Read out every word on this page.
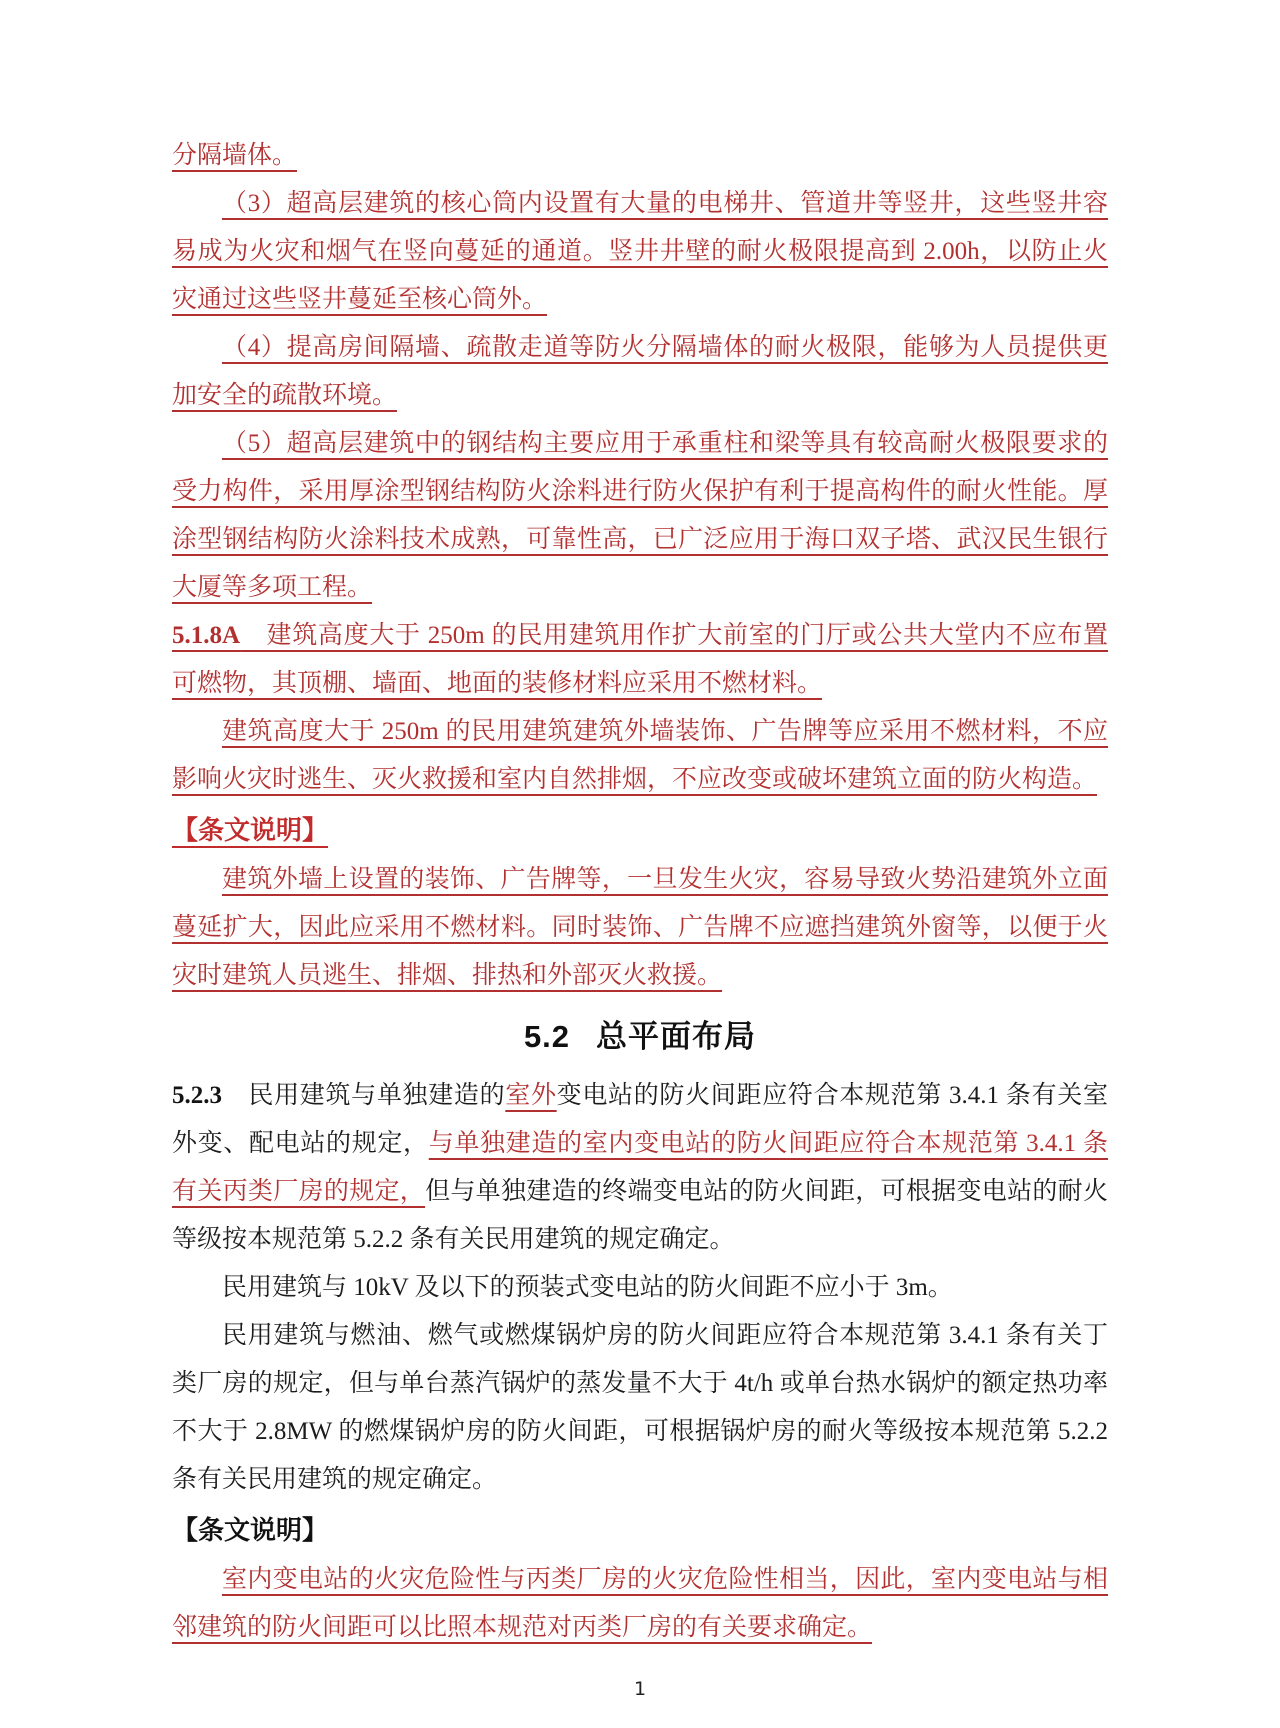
分隔墙体。

（3）超高层建筑的核心筒内设置有大量的电梯井、管道井等竖井，这些竖井容易成为火灾和烟气在竖向蔓延的通道。竖井井壁的耐火极限提高到 2.00h，以防止火灾通过这些竖井蔓延至核心筒外。

（4）提高房间隔墙、疏散走道等防火分隔墙体的耐火极限，能够为人员提供更加安全的疏散环境。

（5）超高层建筑中的钢结构主要应用于承重柱和梁等具有较高耐火极限要求的受力构件，采用厚涂型钢结构防火涂料进行防火保护有利于提高构件的耐火性能。厚涂型钢结构防火涂料技术成熟，可靠性高，已广泛应用于海口双子塔、武汉民生银行大厦等多项工程。

5.1.8A　建筑高度大于 250m 的民用建筑用作扩大前室的门厅或公共大堂内不应布置可燃物，其顶棚、墙面、地面的装修材料应采用不燃材料。

建筑高度大于 250m 的民用建筑建筑外墙装饰、广告牌等应采用不燃材料，不应影响火灾时逃生、灭火救援和室内自然排烟，不应改变或破坏建筑立面的防火构造。

【条文说明】

建筑外墙上设置的装饰、广告牌等，一旦发生火灾，容易导致火势沿建筑外立面蔓延扩大，因此应采用不燃材料。同时装饰、广告牌不应遮挡建筑外窗等，以便于火灾时建筑人员逃生、排烟、排热和外部灭火救援。

5.2 总平面布局

5.2.3　民用建筑与单独建造的室外变电站的防火间距应符合本规范第 3.4.1 条有关室外变、配电站的规定，与单独建造的室内变电站的防火间距应符合本规范第 3.4.1 条有关丙类厂房的规定，但与单独建造的终端变电站的防火间距，可根据变电站的耐火等级按本规范第 5.2.2 条有关民用建筑的规定确定。

民用建筑与 10kV 及以下的预装式变电站的防火间距不应小于 3m。

民用建筑与燃油、燃气或燃煤锅炉房的防火间距应符合本规范第 3.4.1 条有关丁类厂房的规定，但与单台蒸汽锅炉的蒸发量不大于 4t/h 或单台热水锅炉的额定热功率不大于 2.8MW 的燃煤锅炉房的防火间距，可根据锅炉房的耐火等级按本规范第 5.2.2 条有关民用建筑的规定确定。

【条文说明】

室内变电站的火灾危险性与丙类厂房的火灾危险性相当，因此，室内变电站与相邻建筑的防火间距可以比照本规范对丙类厂房的有关要求确定。

1
